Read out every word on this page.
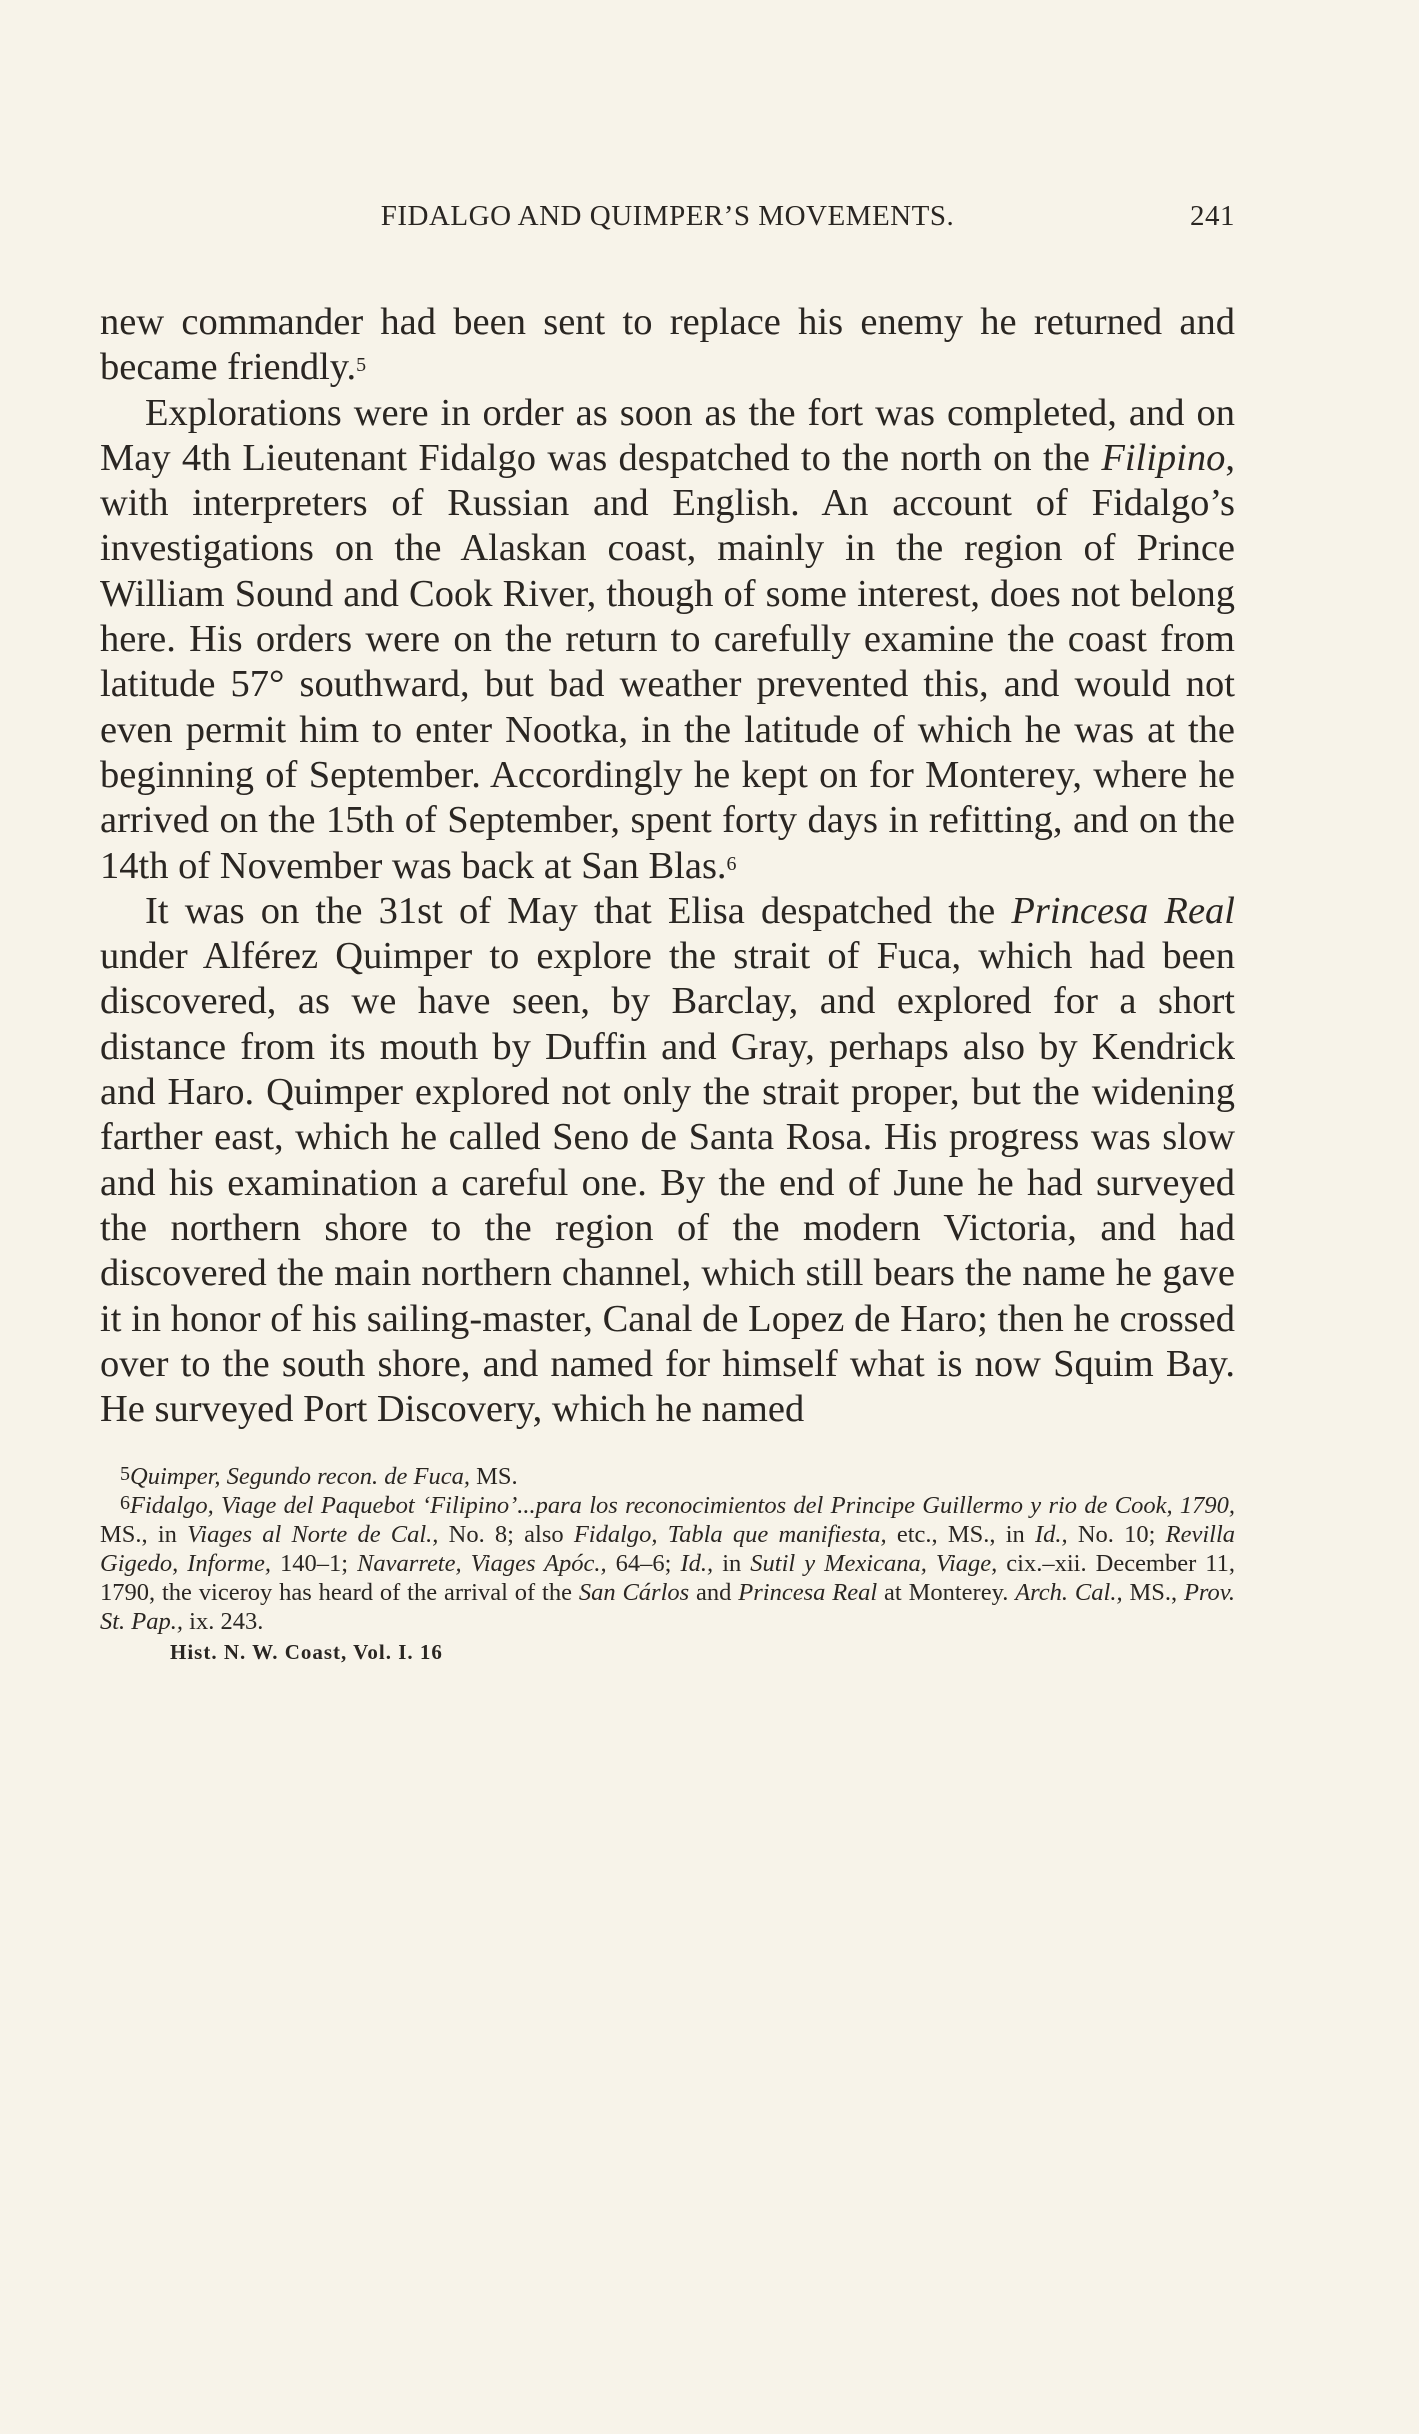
FIDALGO AND QUIMPER’S MOVEMENTS.	241

new commander had been sent to replace his enemy he returned and became friendly.$^5$

Explorations were in order as soon as the fort was completed, and on May 4th Lieutenant Fidalgo was despatched to the north on the Filipino, with interpreters of Russian and English. An account of Fidalgo’s investigations on the Alaskan coast, mainly in the region of Prince William Sound and Cook River, though of some interest, does not belong here. His orders were on the return to carefully examine the coast from latitude 57° southward, but bad weather prevented this, and would not even permit him to enter Nootka, in the latitude of which he was at the beginning of September. Accordingly he kept on for Monterey, where he arrived on the 15th of September, spent forty days in refitting, and on the 14th of November was back at San Blas.$^6$

It was on the 31st of May that Elisa despatched the Princesa Real under Alférez Quimper to explore the strait of Fuca, which had been discovered, as we have seen, by Barclay, and explored for a short distance from its mouth by Duffin and Gray, perhaps also by Kendrick and Haro. Quimper explored not only the strait proper, but the widening farther east, which he called Seno de Santa Rosa. His progress was slow and his examination a careful one. By the end of June he had surveyed the northern shore to the region of the modern Victoria, and had discovered the main northern channel, which still bears the name he gave it in honor of his sailing-master, Canal de Lopez de Haro; then he crossed over to the south shore, and named for himself what is now Squim Bay. He surveyed Port Discovery, which he named

$^5$Quimper, Segundo recon. de Fuca, MS.

$^6$Fidalgo, Viage del Paquebot ‘Filipino’...para los reconocimientos del Principe Guillermo y rio de Cook, 1790, MS., in Viages al Norte de Cal., No. 8; also Fidalgo, Tabla que manifiesta, etc., MS., in Id., No. 10; Revilla Gigedo, Informe, 140–1; Navarrete, Viages Apóc., 64–6; Id., in Sutil y Mexicana, Viage, cix.–xii. December 11, 1790, the viceroy has heard of the arrival of the San Cárlos and Princesa Real at Monterey. Arch. Cal., MS., Prov. St. Pap., ix. 243.

Hist. N. W. Coast, Vol. I. 16
